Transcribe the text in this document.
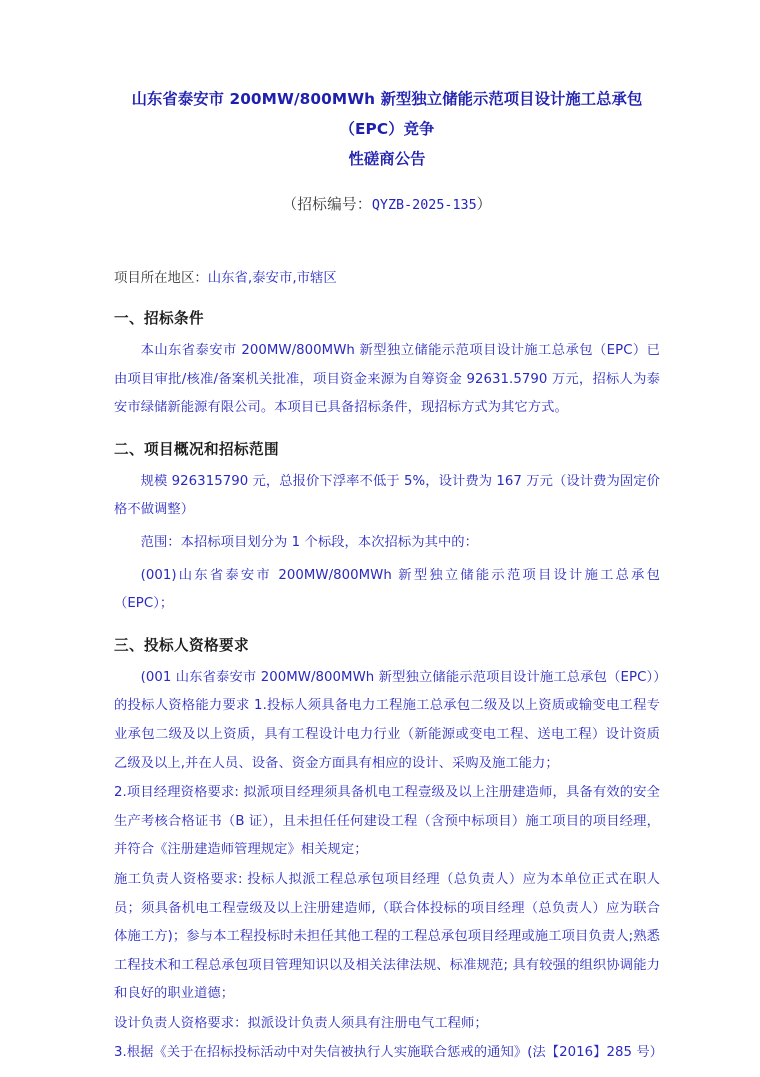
山东省泰安市 200MW/800MWh 新型独立储能示范项目设计施工总承包（EPC）竞争
性磋商公告
（招标编号：QYZB-2025-135）
项目所在地区：山东省,泰安市,市辖区
一、招标条件

本山东省泰安市 200MW/800MWh 新型独立储能示范项目设计施工总承包（EPC）已由项目审批/核准/备案机关批准，项目资金来源为自筹资金 92631.5790 万元，招标人为泰安市绿储新能源有限公司。本项目已具备招标条件，现招标方式为其它方式。

二、项目概况和招标范围

规模 926315790 元，总报价下浮率不低于 5%，设计费为 167 万元（设计费为固定价格不做调整）

范围：本招标项目划分为 1 个标段，本次招标为其中的：

(001)山东省泰安市 200MW/800MWh 新型独立储能示范项目设计施工总承包（EPC）；

三、投标人资格要求

(001 山东省泰安市 200MW/800MWh 新型独立储能示范项目设计施工总承包（EPC））的投标人资格能力要求 1.投标人须具备电力工程施工总承包二级及以上资质或输变电工程专业承包二级及以上资质，具有工程设计电力行业（新能源或变电工程、送电工程）设计资质乙级及以上,并在人员、设备、资金方面具有相应的设计、采购及施工能力；

2.项目经理资格要求: 拟派项目经理须具备机电工程壹级及以上注册建造师，具备有效的安全生产考核合格证书（B 证），且未担任任何建设工程（含预中标项目）施工项目的项目经理，并符合《注册建造师管理规定》相关规定；

施工负责人资格要求: 投标人拟派工程总承包项目经理（总负责人）应为本单位正式在职人员；须具备机电工程壹级及以上注册建造师,（联合体投标的项目经理（总负责人）应为联合体施工方)；参与本工程投标时未担任其他工程的工程总承包项目经理或施工项目负责人;熟悉工程技术和工程总承包项目管理知识以及相关法律法规、标准规范; 具有较强的组织协调能力和良好的职业道德；

设计负责人资格要求：拟派设计负责人须具有注册电气工程师；

3.根据《关于在招标投标活动中对失信被执行人实施联合惩戒的通知》(法【2016】285 号）
